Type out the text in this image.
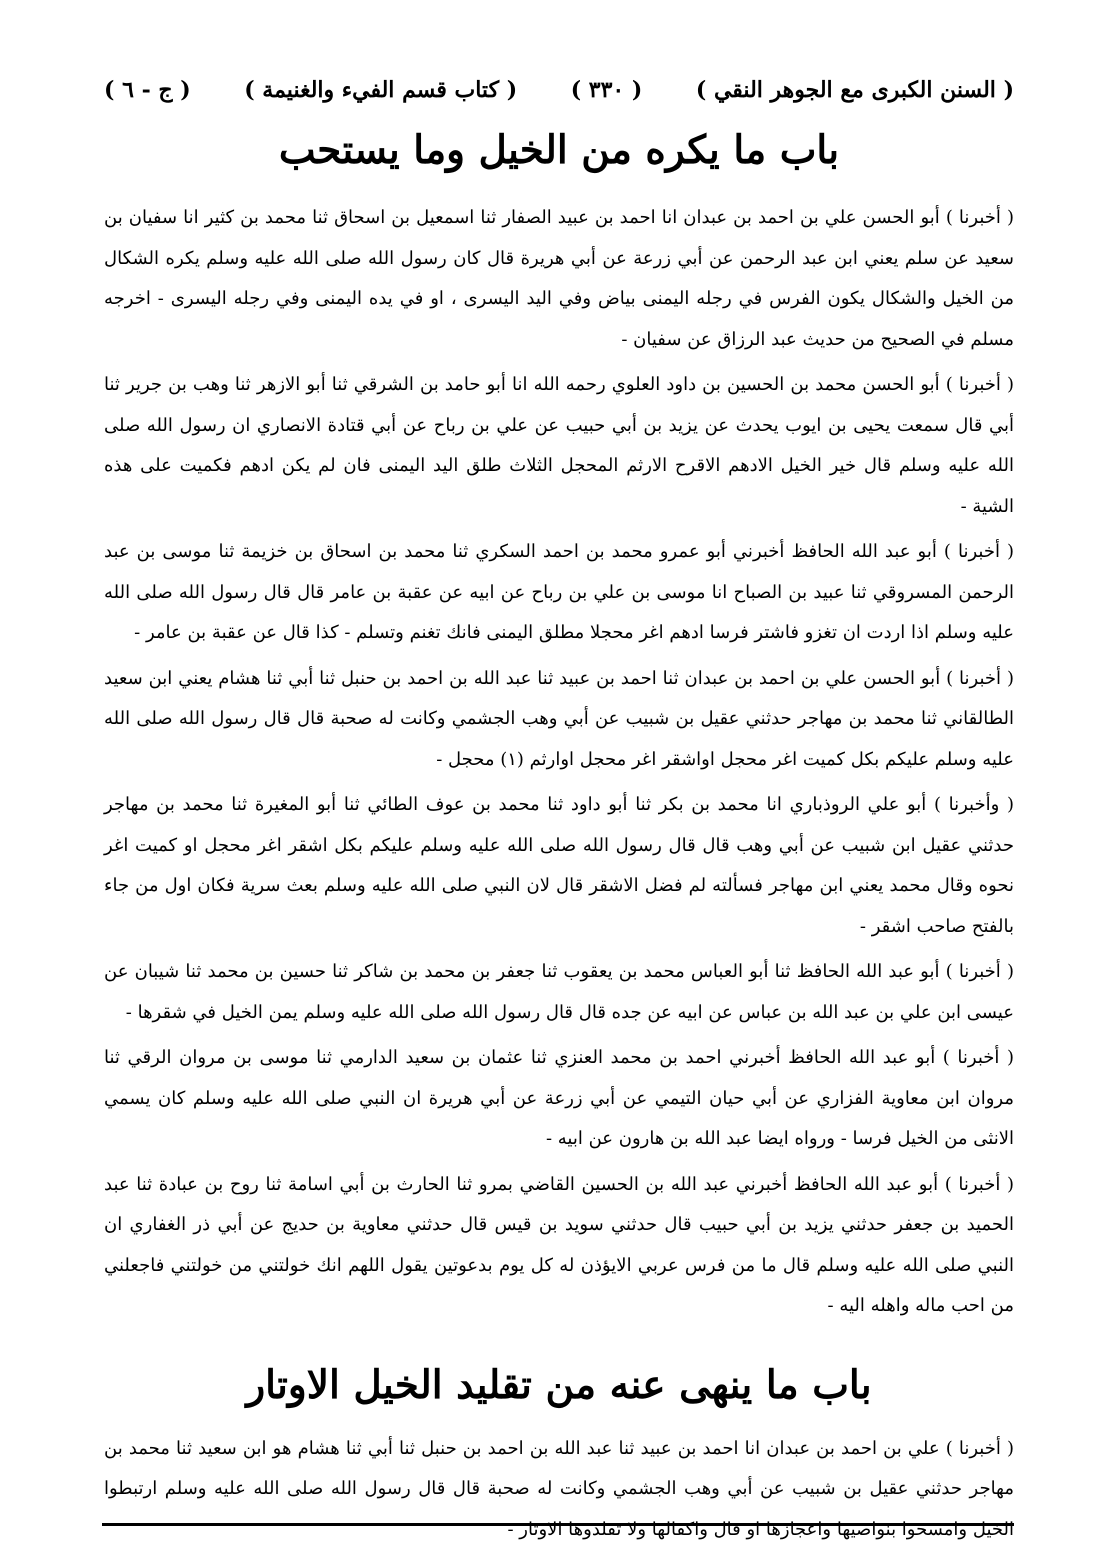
( السنن الكبرى مع الجوهر النقي )
( ٣٣٠ )
( كتاب قسم الفيء والغنيمة )
( ج - ٦ )
باب ما يكره من الخيل وما يستحب

( أخبرنا ) أبو الحسن علي بن احمد بن عبدان انا احمد بن عبيد الصفار ثنا اسمعيل بن اسحاق ثنا محمد بن كثير انا سفيان بن سعيد عن سلم يعني ابن عبد الرحمن عن أبي زرعة عن أبي هريرة قال كان رسول الله صلى الله عليه وسلم يكره الشكال من الخيل والشكال يكون الفرس في رجله اليمنى بياض وفي اليد اليسرى ، او في يده اليمنى وفي رجله اليسرى - اخرجه مسلم في الصحيح من حديث عبد الرزاق عن سفيان -

( أخبرنا ) أبو الحسن محمد بن الحسين بن داود العلوي رحمه الله انا أبو حامد بن الشرقي ثنا أبو الازهر ثنا وهب بن جرير ثنا أبي قال سمعت يحيى بن ايوب يحدث عن يزيد بن أبي حبيب عن علي بن رباح عن أبي قتادة الانصاري ان رسول الله صلى الله عليه وسلم قال خير الخيل الادهم الاقرح الارثم المحجل الثلاث طلق اليد اليمنى فان لم يكن ادهم فكميت على هذه الشية -

( أخبرنا ) أبو عبد الله الحافظ أخبرني أبو عمرو محمد بن احمد السكري ثنا محمد بن اسحاق بن خزيمة ثنا موسى بن عبد الرحمن المسروقي ثنا عبيد بن الصباح انا موسى بن علي بن رباح عن ابيه عن عقبة بن عامر قال قال رسول الله صلى الله عليه وسلم اذا اردت ان تغزو فاشتر فرسا ادهم اغر محجلا مطلق اليمنى فانك تغنم وتسلم - كذا قال عن عقبة بن عامر -

( أخبرنا ) أبو الحسن علي بن احمد بن عبدان ثنا احمد بن عبيد ثنا عبد الله بن احمد بن حنبل ثنا أبي ثنا هشام يعني ابن سعيد الطالقاني ثنا محمد بن مهاجر حدثني عقيل بن شبيب عن أبي وهب الجشمي وكانت له صحبة قال قال رسول الله صلى الله عليه وسلم عليكم بكل كميت اغر محجل اواشقر اغر محجل اوارثم (١) محجل -

( وأخبرنا ) أبو علي الروذباري انا محمد بن بكر ثنا أبو داود ثنا محمد بن عوف الطائي ثنا أبو المغيرة ثنا محمد بن مهاجر حدثني عقيل ابن شبيب عن أبي وهب قال قال رسول الله صلى الله عليه وسلم عليكم بكل اشقر اغر محجل او كميت اغر نحوه وقال محمد يعني ابن مهاجر فسألته لم فضل الاشقر قال لان النبي صلى الله عليه وسلم بعث سرية فكان اول من جاء بالفتح صاحب اشقر -

( أخبرنا ) أبو عبد الله الحافظ ثنا أبو العباس محمد بن يعقوب ثنا جعفر بن محمد بن شاكر ثنا حسين بن محمد ثنا شيبان عن عيسى ابن علي بن عبد الله بن عباس عن ابيه عن جده قال قال رسول الله صلى الله عليه وسلم يمن الخيل في شقرها -

( أخبرنا ) أبو عبد الله الحافظ أخبرني احمد بن محمد العنزي ثنا عثمان بن سعيد الدارمي ثنا موسى بن مروان الرقي ثنا مروان ابن معاوية الفزاري عن أبي حيان التيمي عن أبي زرعة عن أبي هريرة ان النبي صلى الله عليه وسلم كان يسمي الانثى من الخيل فرسا - ورواه ايضا عبد الله بن هارون عن ابيه -

( أخبرنا ) أبو عبد الله الحافظ أخبرني عبد الله بن الحسين القاضي بمرو ثنا الحارث بن أبي اسامة ثنا روح بن عبادة ثنا عبد الحميد بن جعفر حدثني يزيد بن أبي حبيب قال حدثني سويد بن قيس قال حدثني معاوية بن حديج عن أبي ذر الغفاري ان النبي صلى الله عليه وسلم قال ما من فرس عربي الايؤذن له كل يوم بدعوتين يقول اللهم انك خولتني من خولتني فاجعلني من احب ماله واهله اليه -

باب ما ينهى عنه من تقليد الخيل الاوتار

( أخبرنا ) علي بن احمد بن عبدان انا احمد بن عبيد ثنا عبد الله بن احمد بن حنبل ثنا أبي ثنا هشام هو ابن سعيد ثنا محمد بن مهاجر حدثني عقيل بن شبيب عن أبي وهب الجشمي وكانت له صحبة قال قال رسول الله صلى الله عليه وسلم ارتبطوا الخيل وامسحوا بنواصيها واعجازها او قال واكفالها ولا تقلدوها الاوتار -
